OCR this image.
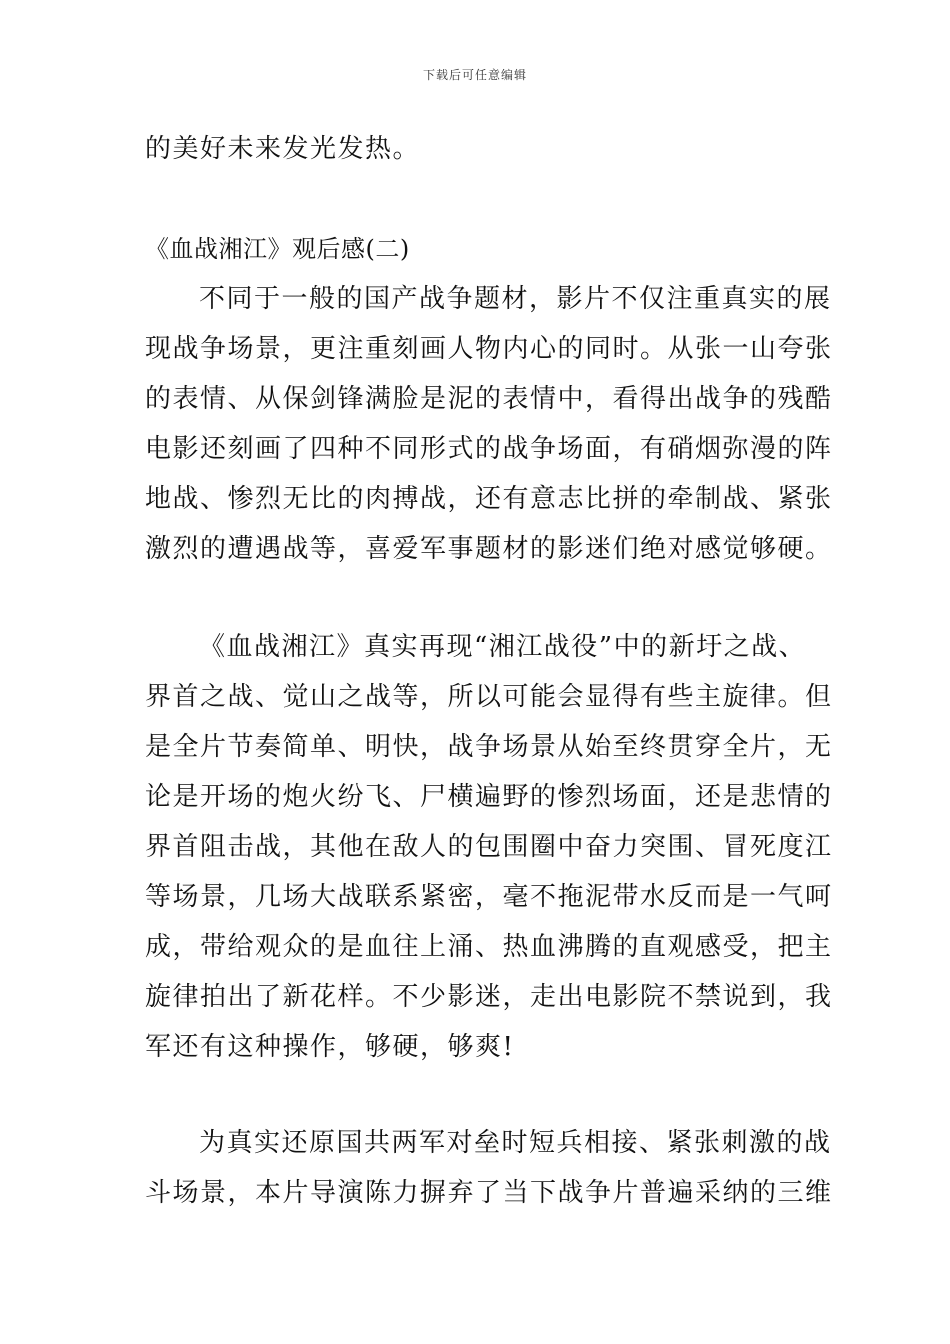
下载后可任意编辑
的美好未来发光发热。
《血战湘江》观后感(二)
不同于一般的国产战争题材，影片不仅注重真实的展
现战争场景，更注重刻画人物内心的同时。从张一山夸张
的表情、从保剑锋满脸是泥的表情中，看得出战争的残酷
电影还刻画了四种不同形式的战争场面，有硝烟弥漫的阵
地战、惨烈无比的肉搏战，还有意志比拼的牵制战、紧张
激烈的遭遇战等，喜爱军事题材的影迷们绝对感觉够硬。
《血战湘江》真实再现“湘江战役”中的新圩之战、
界首之战、觉山之战等，所以可能会显得有些主旋律。但
是全片节奏简单、明快，战争场景从始至终贯穿全片，无
论是开场的炮火纷飞、尸横遍野的惨烈场面，还是悲情的
界首阻击战，其他在敌人的包围圈中奋力突围、冒死度江
等场景，几场大战联系紧密，毫不拖泥带水反而是一气呵
成，带给观众的是血往上涌、热血沸腾的直观感受，把主
旋律拍出了新花样。不少影迷，走出电影院不禁说到，我
军还有这种操作，够硬，够爽!
为真实还原国共两军对垒时短兵相接、紧张刺激的战
斗场景，本片导演陈力摒弃了当下战争片普遍采纳的三维
